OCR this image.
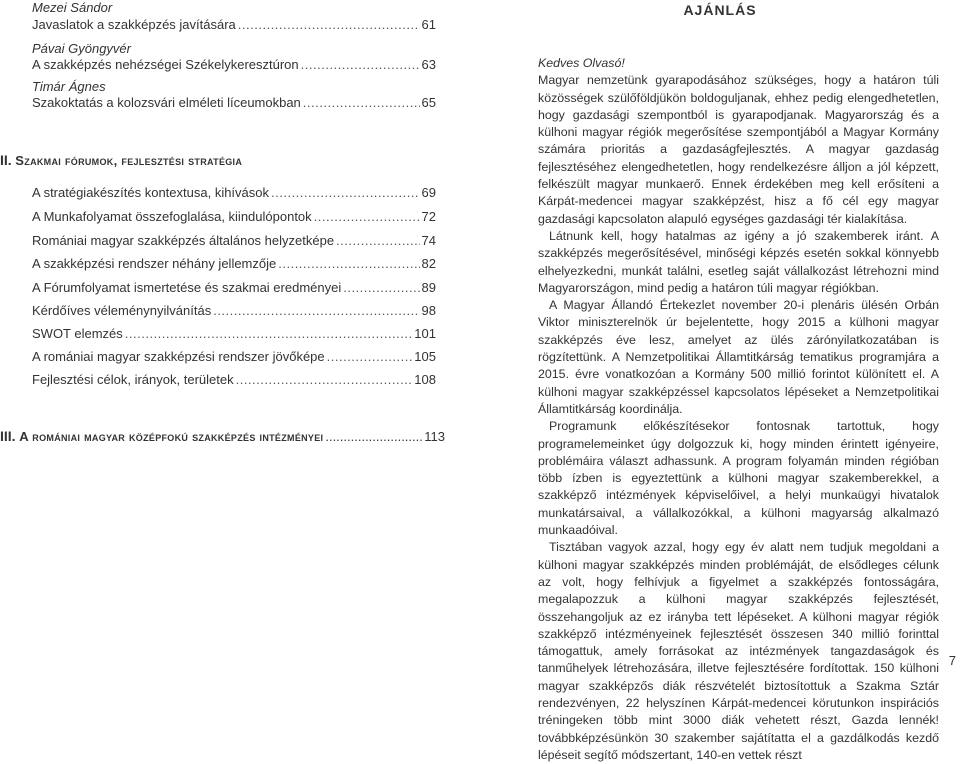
Mezei Sándor
Javaslatok a szakképzés javítására .....	61
Pávai Gyöngyvér
A szakképzés nehézségei Székelykeresztúron .....	63
Timár Ágnes
Szakoktatás a kolozsvári elméleti líceumokban .....	65
II. Szakmai fórumok, fejlesztési stratégia
A stratégiakészítés kontextusa, kihívások .....	69
A Munkafolyamat összefoglalása, kiindulópontok .....	72
Romániai magyar szakképzés általános helyzetképe .....	74
A szakképzési rendszer néhány jellemzője .....	82
A Fórumfolyamat ismertetése és szakmai eredményei .....	89
Kérdőíves véleménynyilvánítás .....	98
SWOT elemzés .....	101
A romániai magyar szakképzési rendszer jövőképe .....	105
Fejlesztési célok, irányok, területek .....	108
III.
A romániai magyar középfokú szakképzés intézményei .....	113
AJÁNLÁS

Kedves Olvasó!

Magyar nemzetünk gyarapodásához szükséges, hogy a határon túli közösségek szülőföldjükön boldoguljanak, ehhez pedig elengedhetetlen, hogy gazdasági szempontból is gyarapodjanak. Magyarország és a külhoni magyar régiók megerősítése szempontjából a Magyar Kormány számára prioritás a gazdaságfejlesztés. A magyar gazdaság fejlesztéséhez elengedhetetlen, hogy rendelkezésre álljon a jól képzett, felkészült magyar munkaerő. Ennek érdekében meg kell erősíteni a Kárpát-medencei magyar szakképzést, hisz a fő cél egy magyar gazdasági kapcsolaton alapuló egységes gazdasági tér kialakítása.

Látnunk kell, hogy hatalmas az igény a jó szakemberek iránt. A szakképzés megerősítésével, minőségi képzés esetén sokkal könnyebb elhelyezkedni, munkát találni, esetleg saját vállalkozást létrehozni mind Magyarországon, mind pedig a határon túli magyar régiókban.

A Magyar Állandó Értekezlet november 20-i plenáris ülésén Orbán Viktor miniszterelnök úr bejelentette, hogy 2015 a külhoni magyar szakképzés éve lesz, amelyet az ülés zárónyilatkozatában is rögzítettünk. A Nemzetpolitikai Államtitkárság tematikus programjára a 2015. évre vonatkozóan a Kormány 500 millió forintot különített el. A külhoni magyar szakképzéssel kapcsolatos lépéseket a Nemzetpolitikai Államtitkárság koordinálja.

Programunk előkészítésekor fontosnak tartottuk, hogy programelemeinket úgy dolgozzuk ki, hogy minden érintett igényeire, problémáira választ adhassunk. A program folyamán minden régióban több ízben is egyeztettünk a külhoni magyar szakemberekkel, a szakképző intézmények képviselőivel, a helyi munkaügyi hivatalok munkatársaival, a vállalkozókkal, a külhoni magyarság alkalmazó munkaadóival.

Tisztában vagyok azzal, hogy egy év alatt nem tudjuk megoldani a külhoni magyar szakképzés minden problémáját, de elsődleges célunk az volt, hogy felhívjuk a figyelmet a szakképzés fontosságára, megalapozzuk a külhoni magyar szakképzés fejlesztését, összehangoljuk az ez irányba tett lépéseket. A külhoni magyar régiók szakképző intézményeinek fejlesztését összesen 340 millió forinttal támogattuk, amely forrásokat az intézmények tangazdaságok és tanműhelyek létrehozására, illetve fejlesztésére fordítottak. 150 külhoni magyar szakképzős diák részvételét biztosítottuk a Szakma Sztár rendezvényen, 22 helyszínen Kárpát-medencei körutunkon inspirációs tréningeken több mint 3000 diák vehetett részt, Gazda lennék! továbbképzésünkön 30 szakember sajátítatta el a gazdálkodás kezdő lépéseit segítő módszertant, 140-en vettek részt

7
